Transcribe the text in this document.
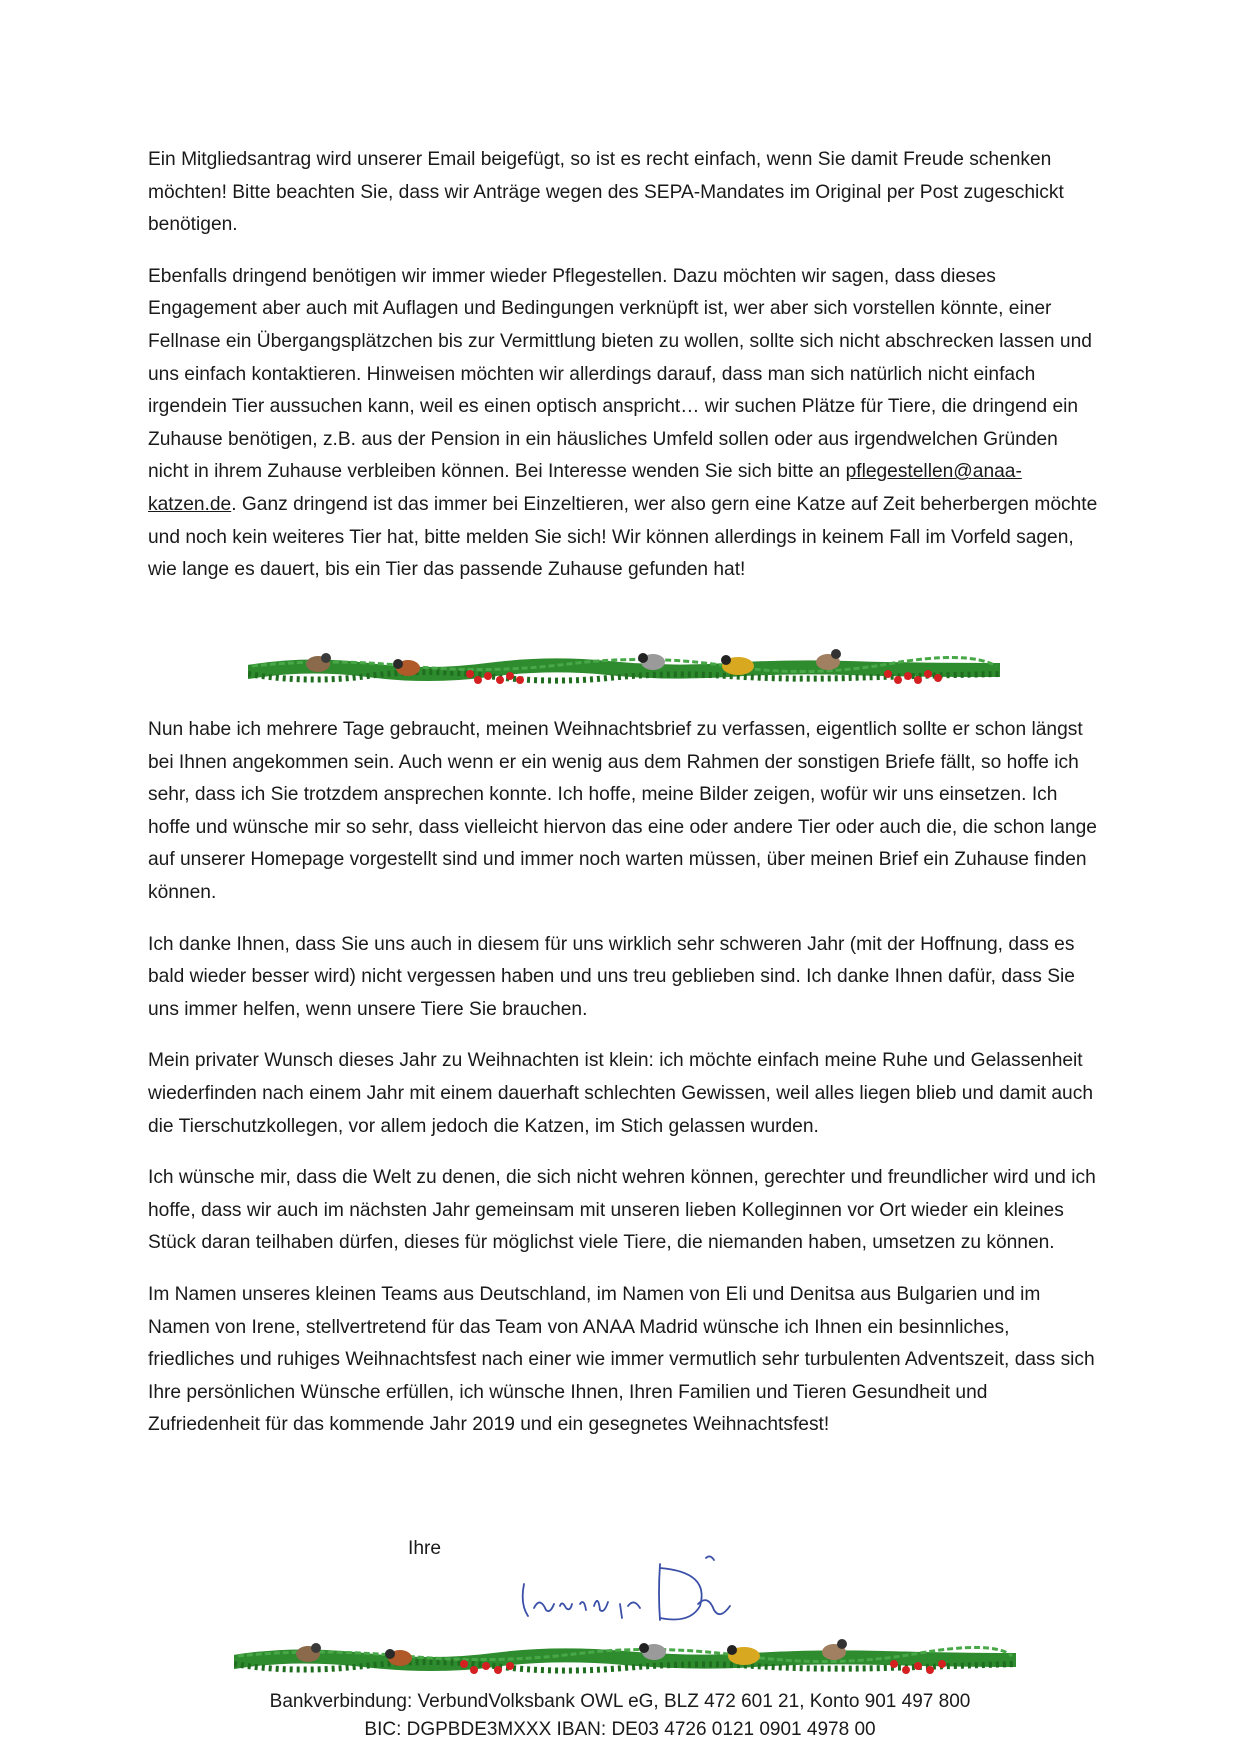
Ein Mitgliedsantrag wird unserer Email beigefügt, so ist es recht einfach, wenn Sie damit Freude schenken möchten! Bitte beachten Sie, dass wir Anträge wegen des SEPA-Mandates im Original per Post zugeschickt benötigen.

Ebenfalls dringend benötigen wir immer wieder Pflegestellen. Dazu möchten wir sagen, dass dieses Engagement aber auch mit Auflagen und Bedingungen verknüpft ist, wer aber sich vorstellen könnte, einer Fellnase ein Übergangsplätzchen bis zur Vermittlung bieten zu wollen, sollte sich nicht abschrecken lassen und uns einfach kontaktieren. Hinweisen möchten wir allerdings darauf, dass man sich natürlich nicht einfach irgendein Tier aussuchen kann, weil es einen optisch anspricht… wir suchen Plätze für Tiere, die dringend ein Zuhause benötigen, z.B. aus der Pension in ein häusliches Umfeld sollen oder aus irgendwelchen Gründen nicht in ihrem Zuhause verbleiben können. Bei Interesse wenden Sie sich bitte an pflegestellen@anaa-katzen.de. Ganz dringend ist das immer bei Einzeltieren, wer also gern eine Katze auf Zeit beherbergen möchte und noch kein weiteres Tier hat, bitte melden Sie sich! Wir können allerdings in keinem Fall im Vorfeld sagen, wie lange es dauert, bis ein Tier das passende Zuhause gefunden hat!

Nun habe ich mehrere Tage gebraucht, meinen Weihnachtsbrief zu verfassen, eigentlich sollte er schon längst bei Ihnen angekommen sein. Auch wenn er ein wenig aus dem Rahmen der sonstigen Briefe fällt, so hoffe ich sehr, dass ich Sie trotzdem ansprechen konnte. Ich hoffe, meine Bilder zeigen, wofür wir uns einsetzen. Ich hoffe und wünsche mir so sehr, dass vielleicht hiervon das eine oder andere Tier oder auch die, die schon lange auf unserer Homepage vorgestellt sind und immer noch warten müssen, über meinen Brief ein Zuhause finden können.

Ich danke Ihnen, dass Sie uns auch in diesem für uns wirklich sehr schweren Jahr (mit der Hoffnung, dass es bald wieder besser wird) nicht vergessen haben und uns treu geblieben sind. Ich danke Ihnen dafür, dass Sie uns immer helfen, wenn unsere Tiere Sie brauchen.

Mein privater Wunsch dieses Jahr zu Weihnachten ist klein: ich möchte einfach meine Ruhe und Gelassenheit wiederfinden nach einem Jahr mit einem dauerhaft schlechten Gewissen, weil alles liegen blieb und damit auch die Tierschutzkollegen, vor allem jedoch die Katzen, im Stich gelassen wurden.

Ich wünsche mir, dass die Welt zu denen, die sich nicht wehren können, gerechter und freundlicher wird und ich hoffe, dass wir auch im nächsten Jahr gemeinsam mit unseren lieben Kolleginnen vor Ort wieder ein kleines Stück daran teilhaben dürfen, dieses für möglichst viele Tiere, die niemanden haben, umsetzen zu können.

Im Namen unseres kleinen Teams aus Deutschland, im Namen von Eli und Denitsa aus Bulgarien und im Namen von Irene, stellvertretend für das Team von ANAA Madrid wünsche ich Ihnen ein besinnliches, friedliches und ruhiges Weihnachtsfest nach einer wie immer vermutlich sehr turbulenten Adventszeit, dass sich Ihre persönlichen Wünsche erfüllen, ich wünsche Ihnen, Ihren Familien und Tieren Gesundheit und Zufriedenheit für das kommende Jahr 2019 und ein gesegnetes Weihnachtsfest!

Ihre
Bankverbindung: VerbundVolksbank OWL eG, BLZ 472 601 21, Konto 901 497 800
BIC: DGPBDE3MXXX IBAN: DE03 4726 0121 0901 4978 00
